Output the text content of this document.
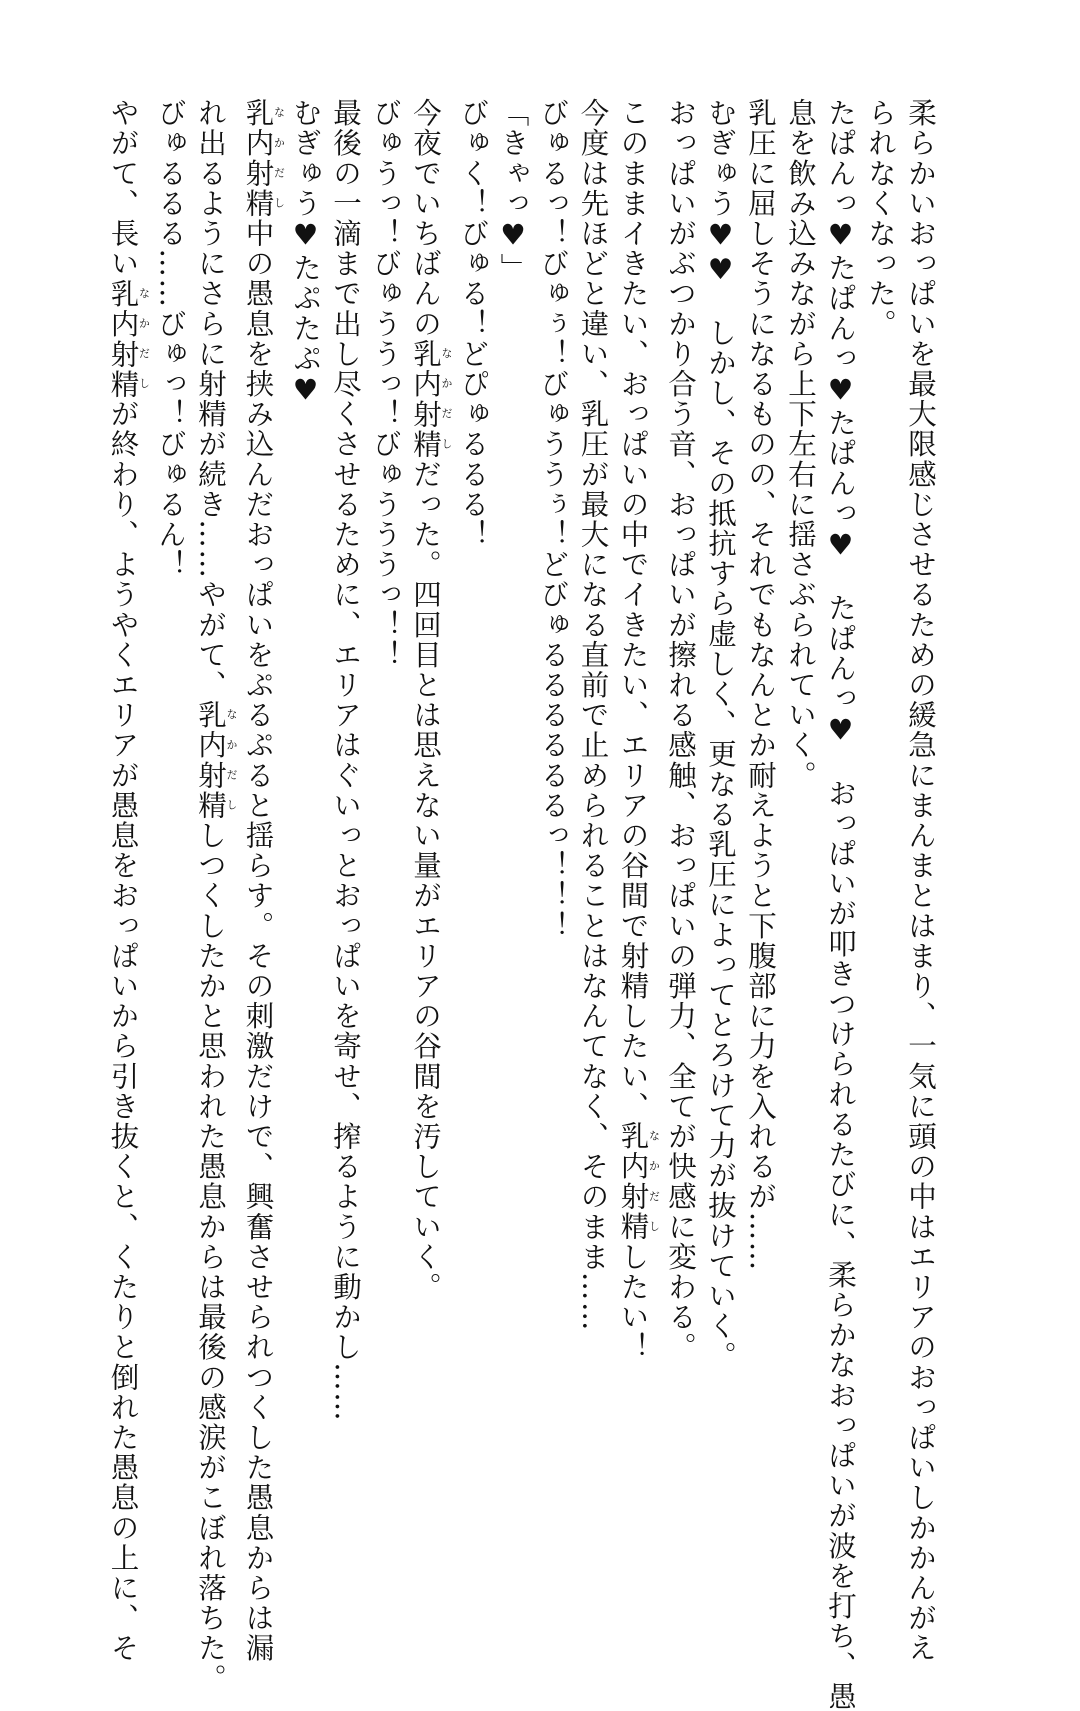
柔らかいおっぱいを最大限感じさせるための緩急にまんまとはまり、一気に頭の中はエリアのおっぱいしかかんがえ
られなくなった。
たぱんっ♥たぱんっ♥たぱんっ♥　たぱんっ♥　おっぱいが叩きつけられるたびに、柔らかなおっぱいが波を打ち、愚
息を飲み込みながら上下左右に揺さぶられていく。
乳圧に屈しそうになるものの、それでもなんとか耐えようと下腹部に力を入れるが……
むぎゅう♥♥　しかし、その抵抗すら虚しく、更なる乳圧によってとろけて力が抜けていく。
おっぱいがぶつかり合う音、おっぱいが擦れる感触、おっぱいの弾力、全てが快感に変わる。
このままイきたい、おっぱいの中でイきたい、エリアの谷間で射精したい、乳内射精なかだししたい！
今度は先ほどと違い、乳圧が最大になる直前で止められることはなんてなく、そのまま……
びゅるっ！びゅぅ！びゅううぅ！どびゅるるるるるるっ！！！
「きゃっ♥」
びゅく！びゅる！どぴゅるるる！
今夜でいちばんの乳内射精なかだしだった。四回目とは思えない量がエリアの谷間を汚していく。
びゅうっ！びゅううっ！びゅうううっ！！
最後の一滴まで出し尽くさせるために、エリアはぐいっとおっぱいを寄せ、搾るように動かし……
むぎゅう♥たぷたぷ♥
乳内射精なかだし中の愚息を挟み込んだおっぱいをぷるぷると揺らす。その刺激だけで、興奮させられつくした愚息からは漏
れ出るようにさらに射精が続き……やがて、乳内射精なかだししつくしたかと思われた愚息からは最後の感涙がこぼれ落ちた。
びゅるるる……びゅっ！びゅるん！
やがて、長い乳内射精なかだしが終わり、ようやくエリアが愚息をおっぱいから引き抜くと、くたりと倒れた愚息の上に、そ
